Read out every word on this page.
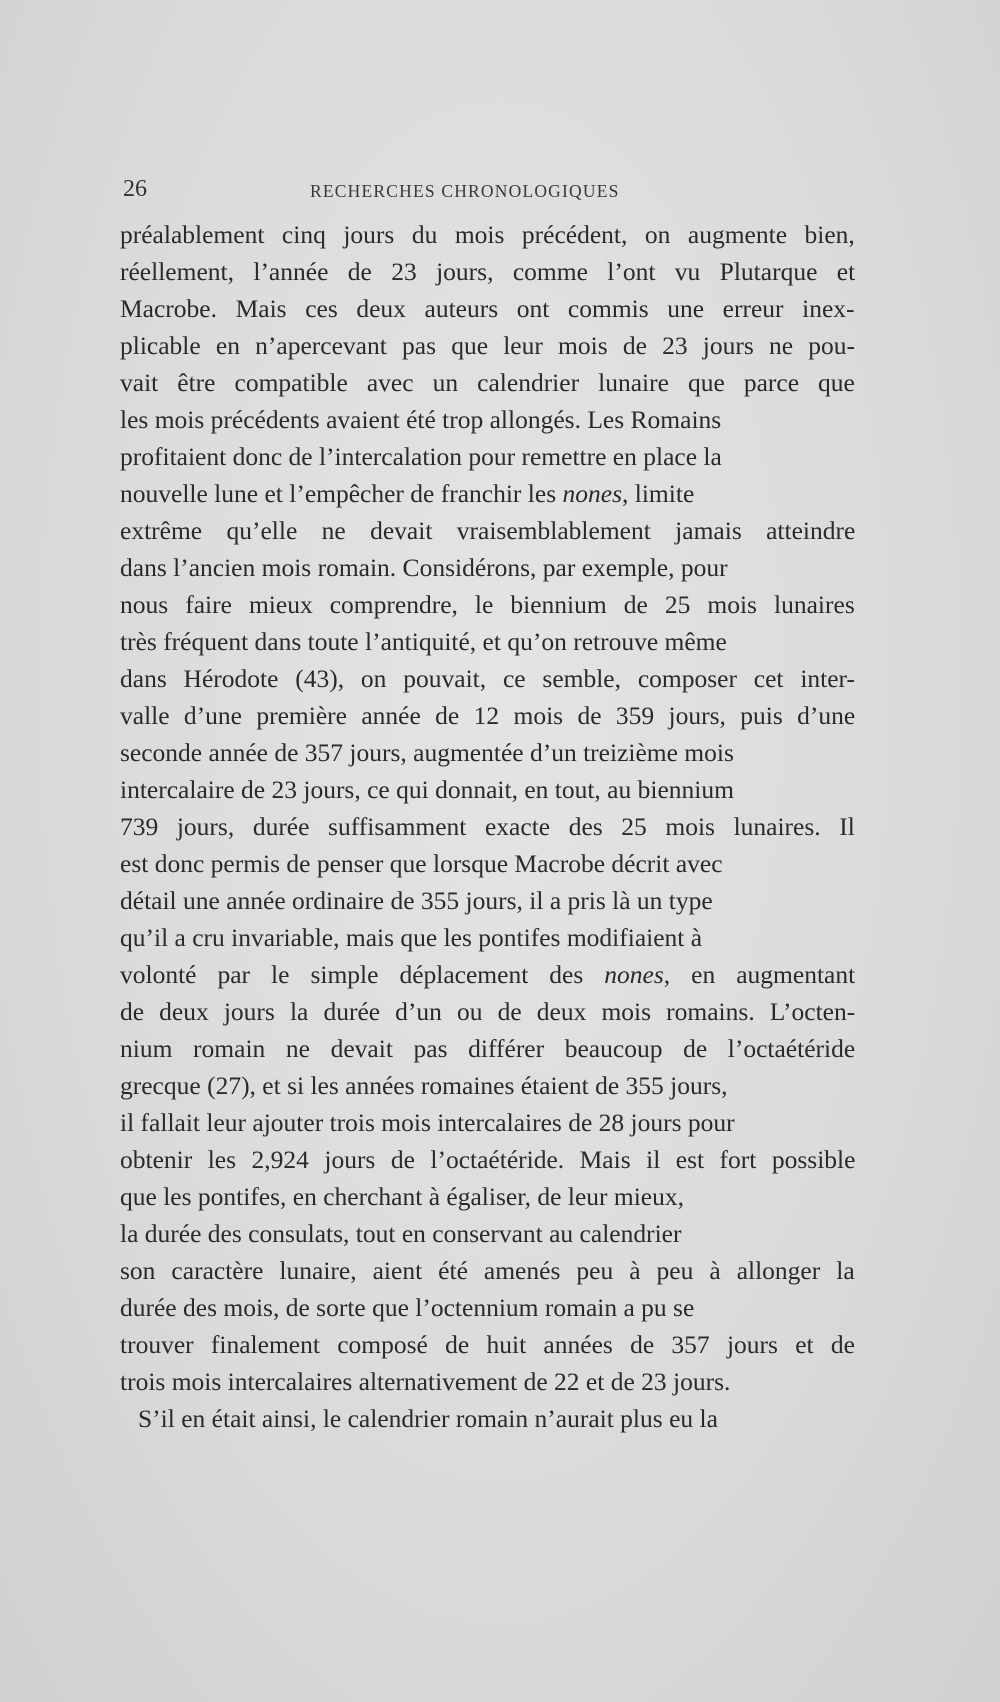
26	RECHERCHES CHRONOLOGIQUES
préalablement cinq jours du mois précédent, on augmente bien,
réellement, l’année de 23 jours, comme l’ont vu Plutarque et
Macrobe. Mais ces deux auteurs ont commis une erreur inex-
plicable en n’apercevant pas que leur mois de 23 jours ne pou-
vait être compatible avec un calendrier lunaire que parce que
les mois précédents avaient été trop allongés. Les Romains
profitaient donc de l’intercalation pour remettre en place la
nouvelle lune et l’empêcher de franchir les nones, limite
extrême qu’elle ne devait vraisemblablement jamais atteindre
dans l’ancien mois romain. Considérons, par exemple, pour
nous faire mieux comprendre, le biennium de 25 mois lunaires
très fréquent dans toute l’antiquité, et qu’on retrouve même
dans Hérodote (43), on pouvait, ce semble, composer cet inter-
valle d’une première année de 12 mois de 359 jours, puis d’une
seconde année de 357 jours, augmentée d’un treizième mois
intercalaire de 23 jours, ce qui donnait, en tout, au biennium
739 jours, durée suffisamment exacte des 25 mois lunaires. Il
est donc permis de penser que lorsque Macrobe décrit avec
détail une année ordinaire de 355 jours, il a pris là un type
qu’il a cru invariable, mais que les pontifes modifiaient à
volonté par le simple déplacement des nones, en augmentant
de deux jours la durée d’un ou de deux mois romains. L’octen-
nium romain ne devait pas différer beaucoup de l’octaétéride
grecque (27), et si les années romaines étaient de 355 jours,
il fallait leur ajouter trois mois intercalaires de 28 jours pour
obtenir les 2,924 jours de l’octaétéride. Mais il est fort possible
que les pontifes, en cherchant à égaliser, de leur mieux,
la durée des consulats, tout en conservant au calendrier
son caractère lunaire, aient été amenés peu à peu à allonger la
durée des mois, de sorte que l’octennium romain a pu se
trouver finalement composé de huit années de 357 jours et de
trois mois intercalaires alternativement de 22 et de 23 jours.
S’il en était ainsi, le calendrier romain n’aurait plus eu la
